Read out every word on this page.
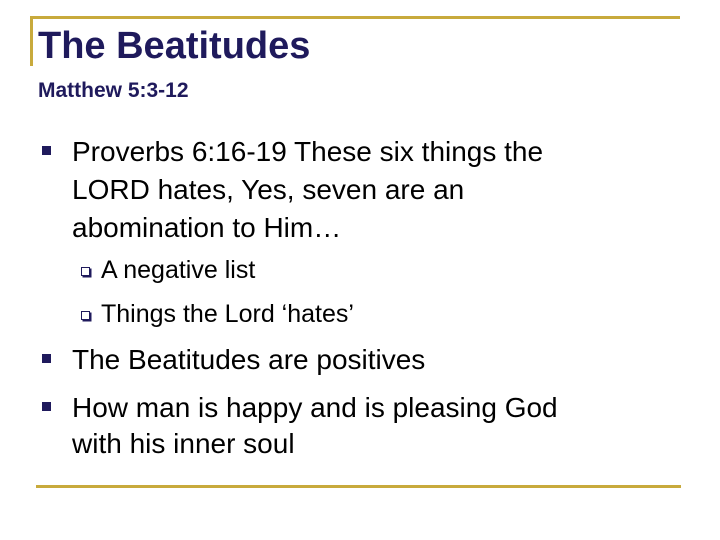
The Beatitudes
Matthew 5:3-12
Proverbs 6:16-19 These six things the
LORD hates, Yes, seven are an
abomination to Him…
A negative list
Things the Lord ‘hates’
The Beatitudes are positives
How man is happy and is pleasing God
with his inner soul
